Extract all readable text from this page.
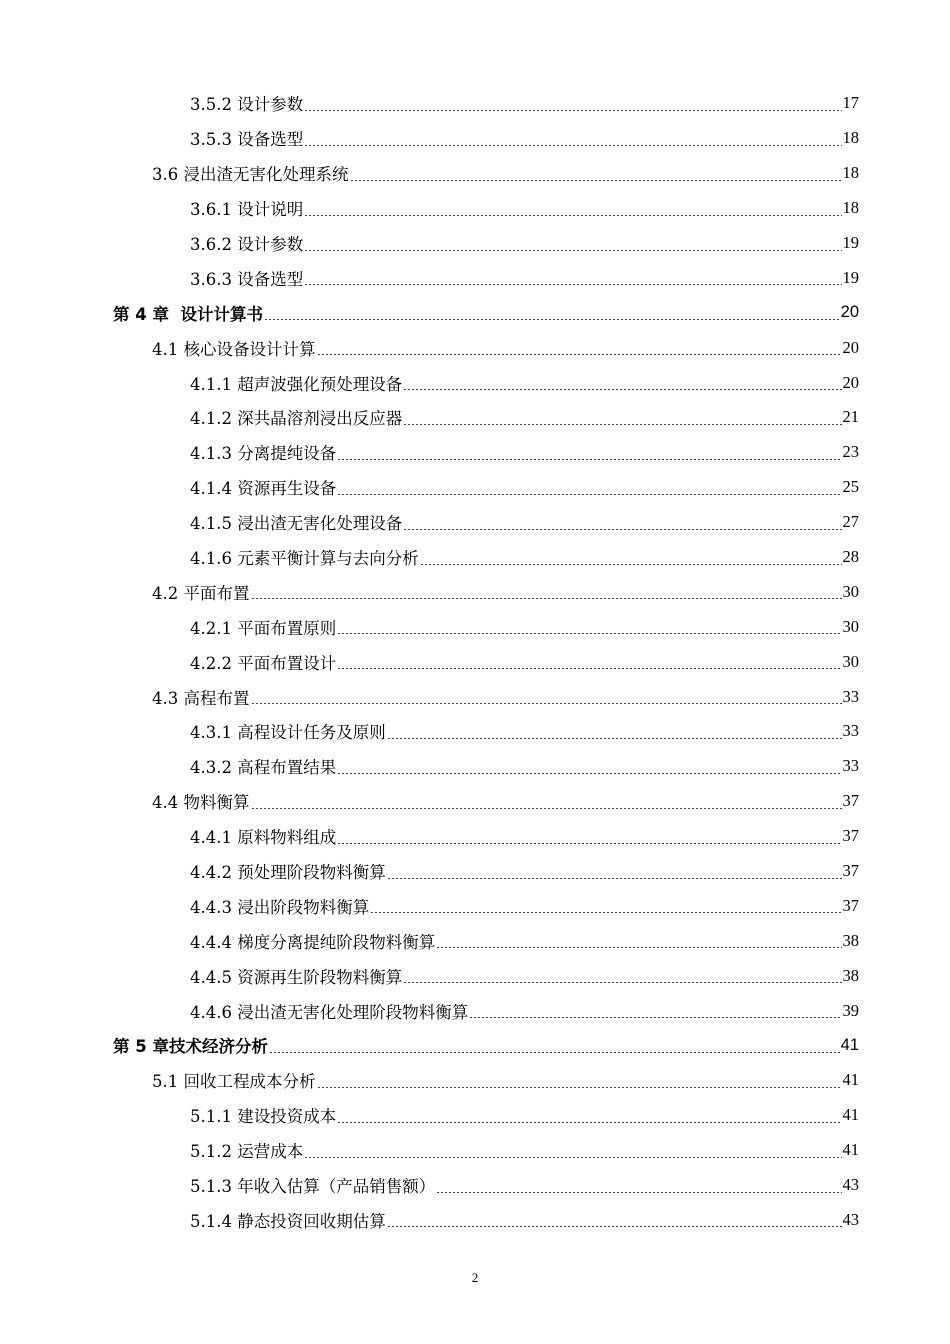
3.5.2 设计参数	17
3.5.3 设备选型	18
3.6 浸出渣无害化处理系统	18
3.6.1 设计说明	18
3.6.2 设计参数	19
3.6.3 设备选型	19
第 4 章  设计计算书	20
4.1 核心设备设计计算	20
4.1.1 超声波强化预处理设备	20
4.1.2 深共晶溶剂浸出反应器	21
4.1.3 分离提纯设备	23
4.1.4 资源再生设备	25
4.1.5 浸出渣无害化处理设备	27
4.1.6 元素平衡计算与去向分析	28
4.2 平面布置	30
4.2.1 平面布置原则	30
4.2.2 平面布置设计	30
4.3 高程布置	33
4.3.1 高程设计任务及原则	33
4.3.2 高程布置结果	33
4.4 物料衡算	37
4.4.1 原料物料组成	37
4.4.2 预处理阶段物料衡算	37
4.4.3 浸出阶段物料衡算	37
4.4.4 梯度分离提纯阶段物料衡算	38
4.4.5 资源再生阶段物料衡算	38
4.4.6 浸出渣无害化处理阶段物料衡算	39
第 5 章技术经济分析	41
5.1 回收工程成本分析	41
5.1.1 建设投资成本	41
5.1.2 运营成本	41
5.1.3 年收入估算（产品销售额）	43
5.1.4 静态投资回收期估算	43
2
